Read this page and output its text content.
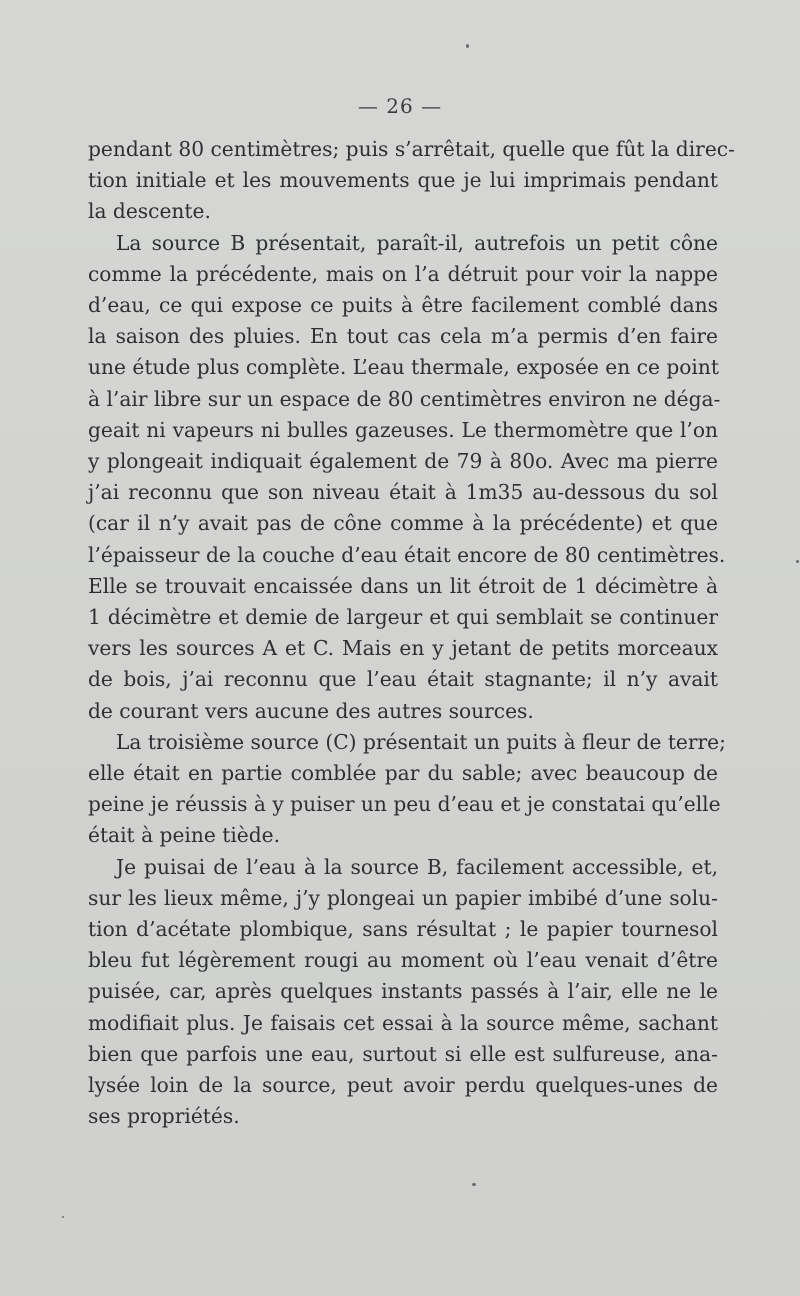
— 26 —
pendant 80 centimètres; puis s’arrêtait, quelle que fût la direc-
tion initiale et les mouvements que je lui imprimais pendant
la descente.
La source B présentait, paraît-il, autrefois un petit cône
comme la précédente, mais on l’a détruit pour voir la nappe
d’eau, ce qui expose ce puits à être facilement comblé dans
la saison des pluies. En tout cas cela m’a permis d’en faire
une étude plus complète. L’eau thermale, exposée en ce point
à l’air libre sur un espace de 80 centimètres environ ne déga-
geait ni vapeurs ni bulles gazeuses. Le thermomètre que l’on
y plongeait indiquait également de 79 à 80o. Avec ma pierre
j’ai reconnu que son niveau était à 1m35 au-dessous du sol
(car il n’y avait pas de cône comme à la précédente) et que
l’épaisseur de la couche d’eau était encore de 80 centimètres.
Elle se trouvait encaissée dans un lit étroit de 1 décimètre à
1 décimètre et demie de largeur et qui semblait se continuer
vers les sources A et C. Mais en y jetant de petits morceaux
de bois, j’ai reconnu que l’eau était stagnante; il n’y avait
de courant vers aucune des autres sources.
La troisième source (C) présentait un puits à fleur de terre;
elle était en partie comblée par du sable; avec beaucoup de
peine je réussis à y puiser un peu d’eau et je constatai qu’elle
était à peine tiède.
Je puisai de l’eau à la source B, facilement accessible, et,
sur les lieux même, j’y plongeai un papier imbibé d’une solu-
tion d’acétate plombique, sans résultat ; le papier tournesol
bleu fut légèrement rougi au moment où l’eau venait d’être
puisée, car, après quelques instants passés à l’air, elle ne le
modifiait plus. Je faisais cet essai à la source même, sachant
bien que parfois une eau, surtout si elle est sulfureuse, ana-
lysée loin de la source, peut avoir perdu quelques-unes de
ses propriétés.
